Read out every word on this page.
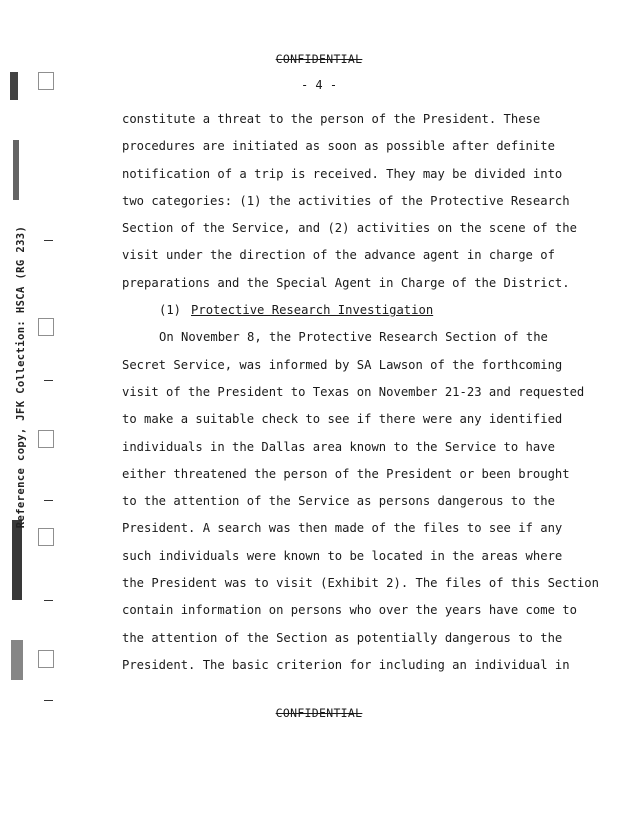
Reference copy, JFK Collection: HSCA (RG 233)
CONFIDENTIAL
- 4 -
constitute a threat to the person of the President. These
procedures are initiated as soon as possible after definite
notification of a trip is received. They may be divided into
two categories: (1) the activities of the Protective Research
Section of the Service, and (2) activities on the scene of the
visit under the direction of the advance agent in charge of
preparations and the Special Agent in Charge of the District.
(1) Protective Research Investigation
On November 8, the Protective Research Section of the
Secret Service, was informed by SA Lawson of the forthcoming
visit of the President to Texas on November 21-23 and requested
to make a suitable check to see if there were any identified
individuals in the Dallas area known to the Service to have
either threatened the person of the President or been brought
to the attention of the Service as persons dangerous to the
President. A search was then made of the files to see if any
such individuals were known to be located in the areas where
the President was to visit (Exhibit 2). The files of this Section
contain information on persons who over the years have come to
the attention of the Section as potentially dangerous to the
President. The basic criterion for including an individual in
CONFIDENTIAL
